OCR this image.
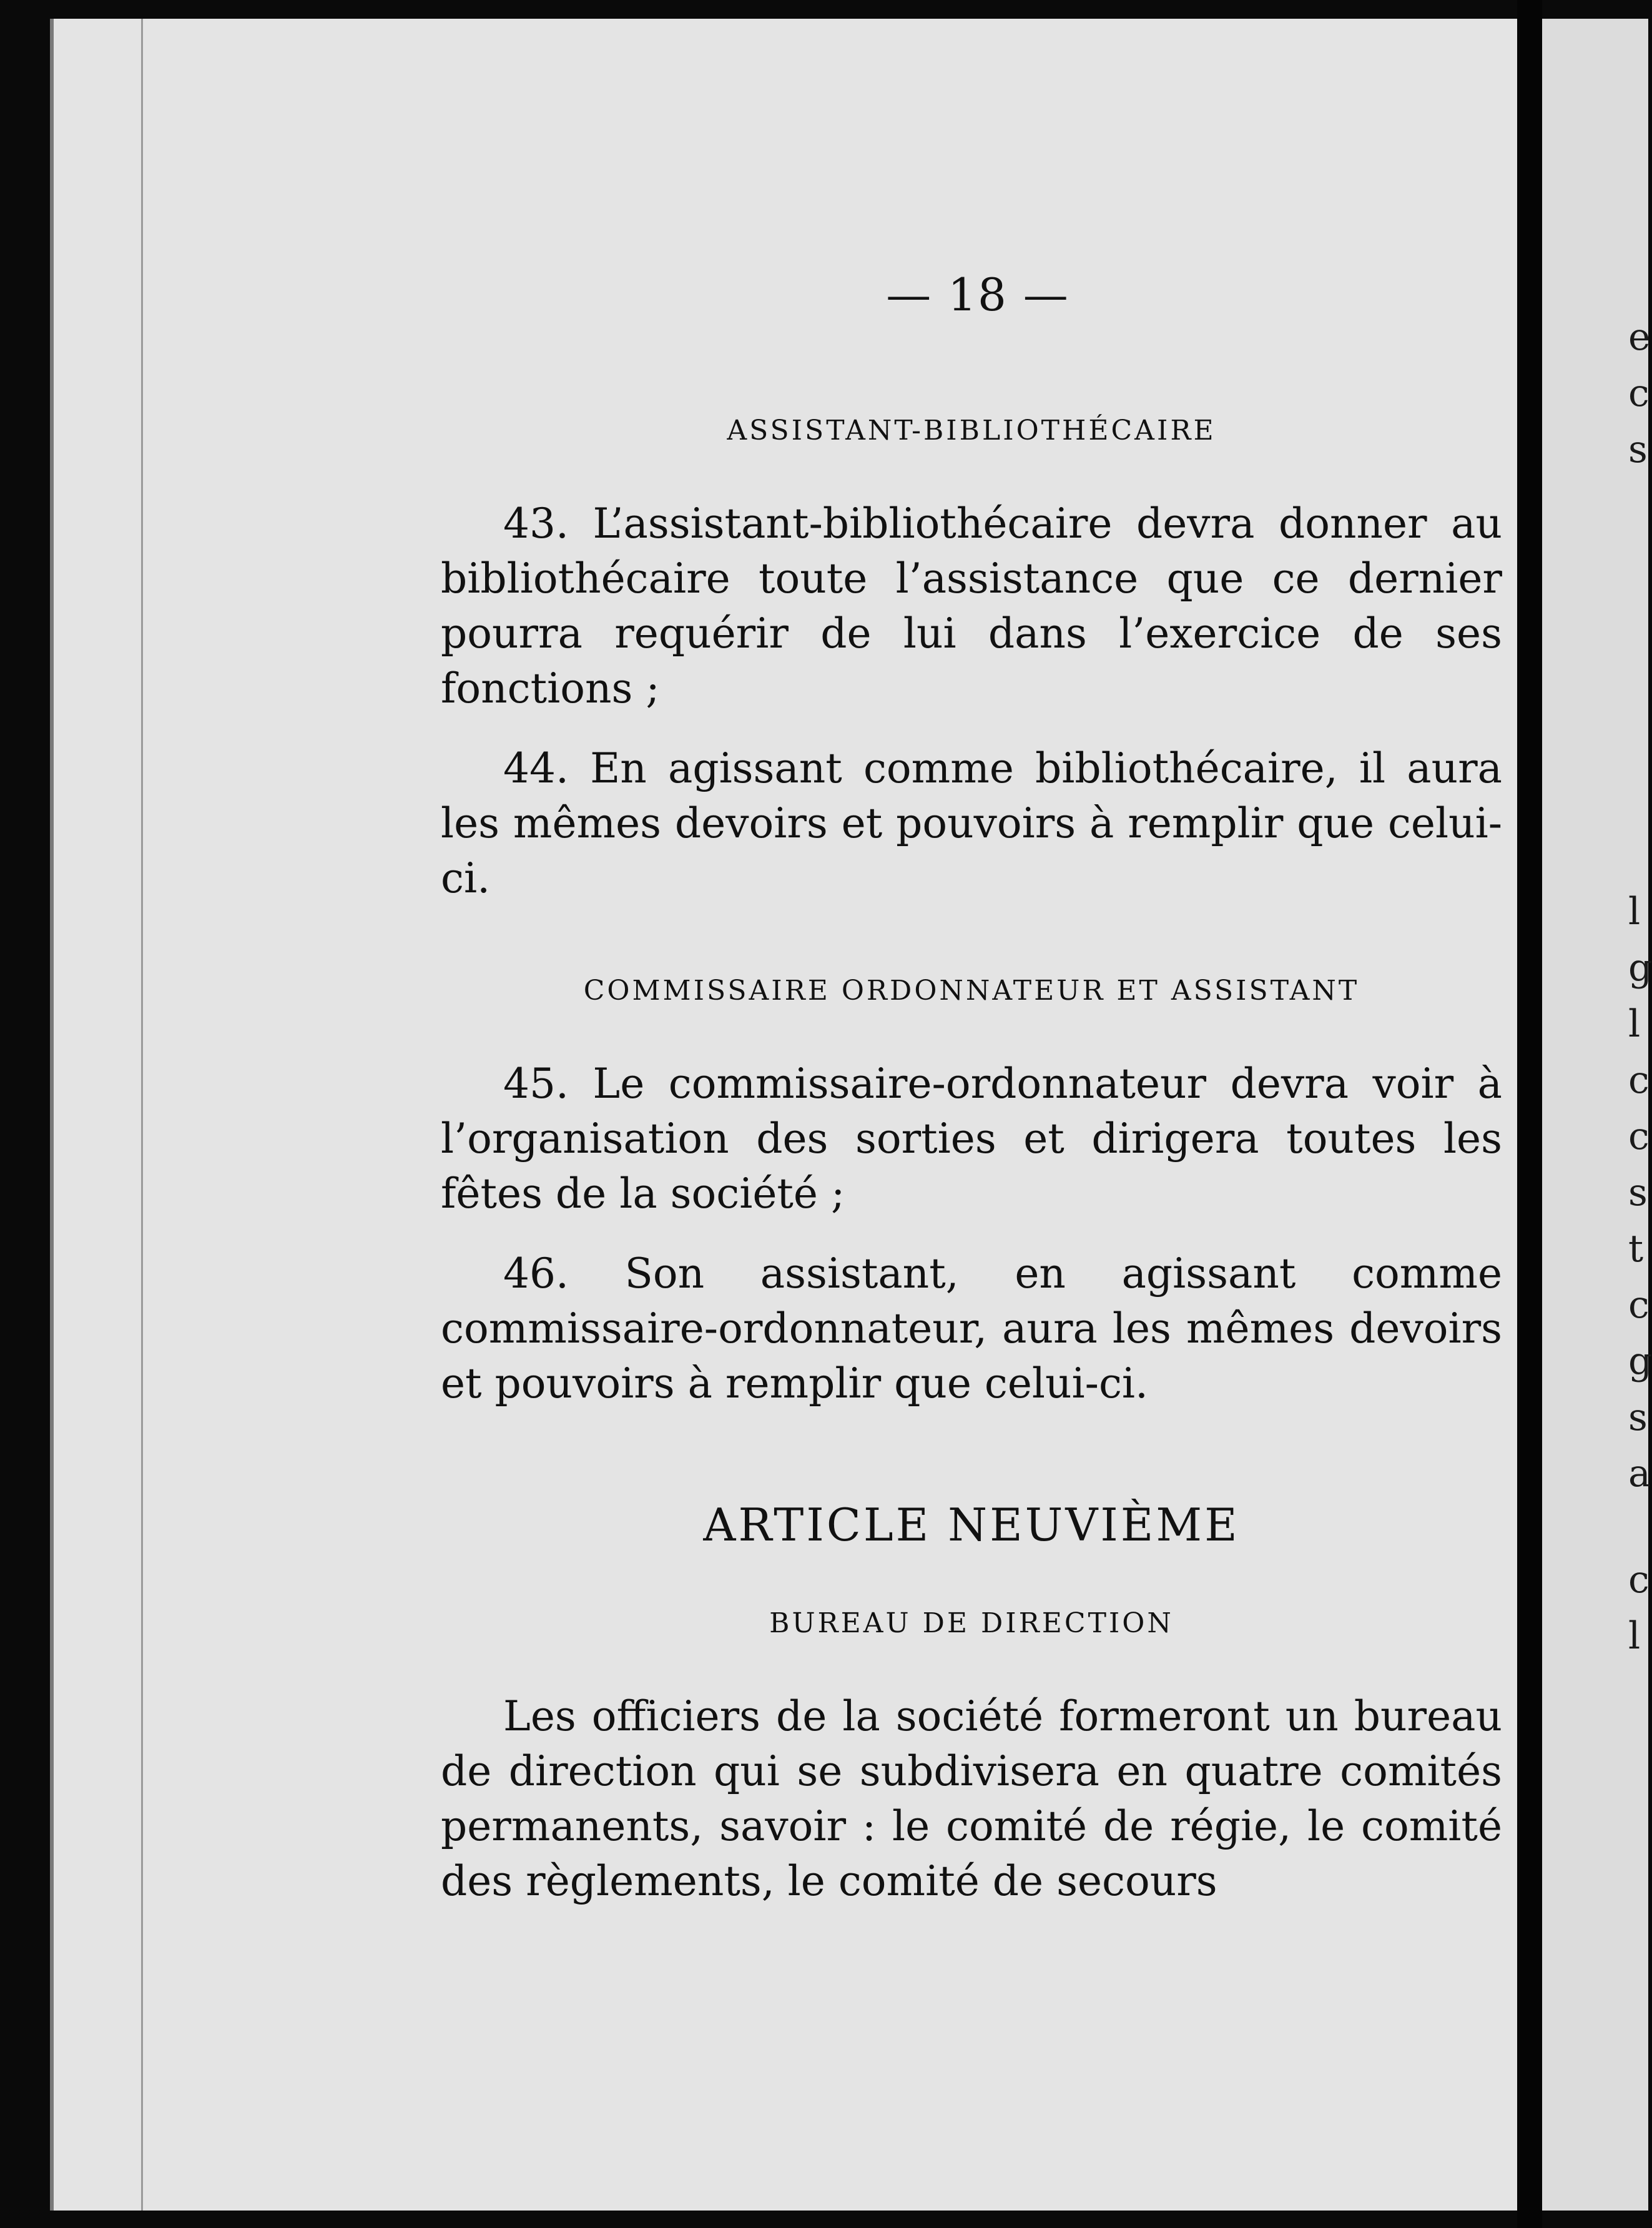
— 18 —
ASSISTANT-BIBLIOTHÉCAIRE

43. L’assistant-bibliothécaire devra donner au bibliothécaire toute l’assistance que ce dernier pourra requérir de lui dans l’exercice de ses fonctions ;

44. En agissant comme bibliothécaire, il aura les mêmes devoirs et pouvoirs à remplir que celui-ci.

COMMISSAIRE ORDONNATEUR ET ASSISTANT

45. Le commissaire-ordonnateur devra voir à l’organisation des sorties et dirigera toutes les fêtes de la société ;

46. Son assistant, en agissant comme commissaire-ordonnateur, aura les mêmes devoirs et pouvoirs à remplir que celui-ci.

ARTICLE NEUVIÈME
BUREAU DE DIRECTION

Les officiers de la société formeront un bureau de direction qui se subdivisera en quatre comités permanents, savoir : le comité de régie, le comité des règlements, le comité de secours

e
c
s
l
g
l
c
c
s
t
c
g
s
a
c
l
